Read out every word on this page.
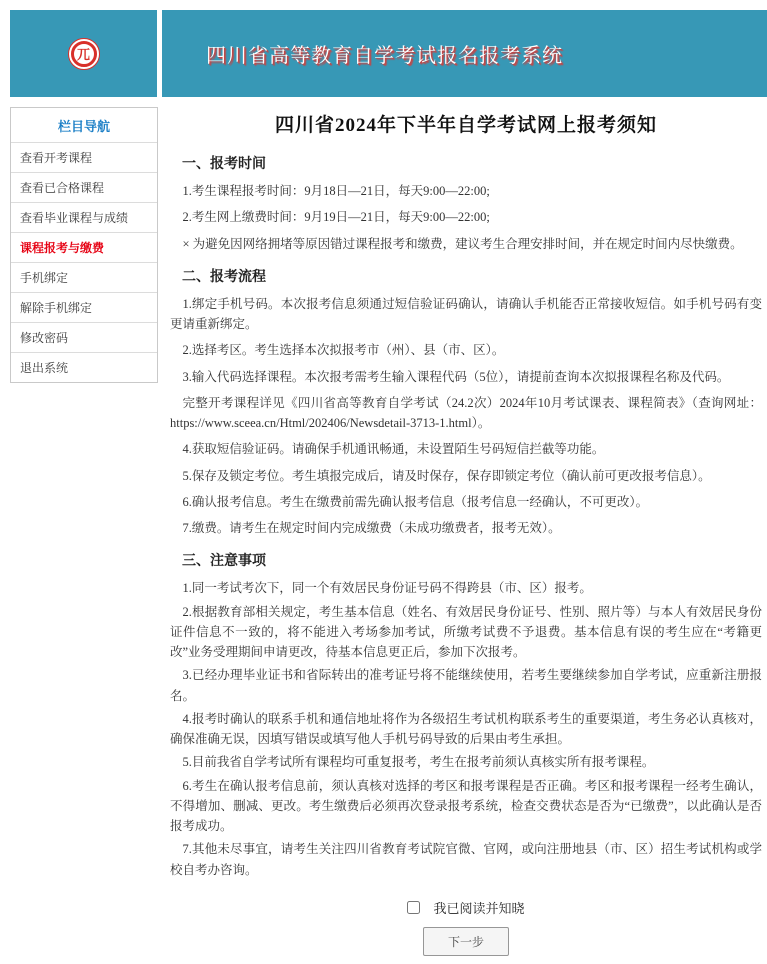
兀	四川省高等教育自学考试报名报考系统
栏目导航
查看开考课程
查看已合格课程
查看毕业课程与成绩
课程报考与缴费
手机绑定
解除手机绑定
修改密码
退出系统
四川省2024年下半年自学考试网上报考须知
一、报考时间

1.考生课程报考时间：9月18日—21日，每天9:00—22:00;

2.考生网上缴费时间：9月19日—21日，每天9:00—22:00;

× 为避免因网络拥堵等原因错过课程报考和缴费，建议考生合理安排时间，并在规定时间内尽快缴费。

二、报考流程

1.绑定手机号码。本次报考信息须通过短信验证码确认，请确认手机能否正常接收短信。如手机号码有变更请重新绑定。

2.选择考区。考生选择本次拟报考市（州）、县（市、区）。

3.输入代码选择课程。本次报考需考生输入课程代码（5位），请提前查询本次拟报课程名称及代码。

完整开考课程详见《四川省高等教育自学考试（24.2次）2024年10月考试课表、课程简表》（查询网址：https://www.sceea.cn/Html/202406/Newsdetail-3713-1.html）。

4.获取短信验证码。请确保手机通讯畅通，未设置陌生号码短信拦截等功能。

5.保存及锁定考位。考生填报完成后，请及时保存，保存即锁定考位（确认前可更改报考信息）。

6.确认报考信息。考生在缴费前需先确认报考信息（报考信息一经确认，不可更改）。

7.缴费。请考生在规定时间内完成缴费（未成功缴费者，报考无效）。

三、注意事项

1.同一考试考次下，同一个有效居民身份证号码不得跨县（市、区）报考。

2.根据教育部相关规定，考生基本信息（姓名、有效居民身份证号、性别、照片等）与本人有效居民身份证件信息不一致的，将不能进入考场参加考试，所缴考试费不予退费。基本信息有误的考生应在“考籍更改”业务受理期间申请更改，待基本信息更正后，参加下次报考。

3.已经办理毕业证书和省际转出的准考证号将不能继续使用，若考生要继续参加自学考试，应重新注册报名。

4.报考时确认的联系手机和通信地址将作为各级招生考试机构联系考生的重要渠道，考生务必认真核对，确保准确无误，因填写错误或填写他人手机号码导致的后果由考生承担。

5.目前我省自学考试所有课程均可重复报考，考生在报考前须认真核实所有报考课程。

6.考生在确认报考信息前，须认真核对选择的考区和报考课程是否正确。考区和报考课程一经考生确认，不得增加、删减、更改。考生缴费后必须再次登录报考系统，检查交费状态是否为“已缴费”，以此确认是否报考成功。

7.其他未尽事宜，请考生关注四川省教育考试院官微、官网，或向注册地县（市、区）招生考试机构或学校自考办咨询。

我已阅读并知晓
下一步
